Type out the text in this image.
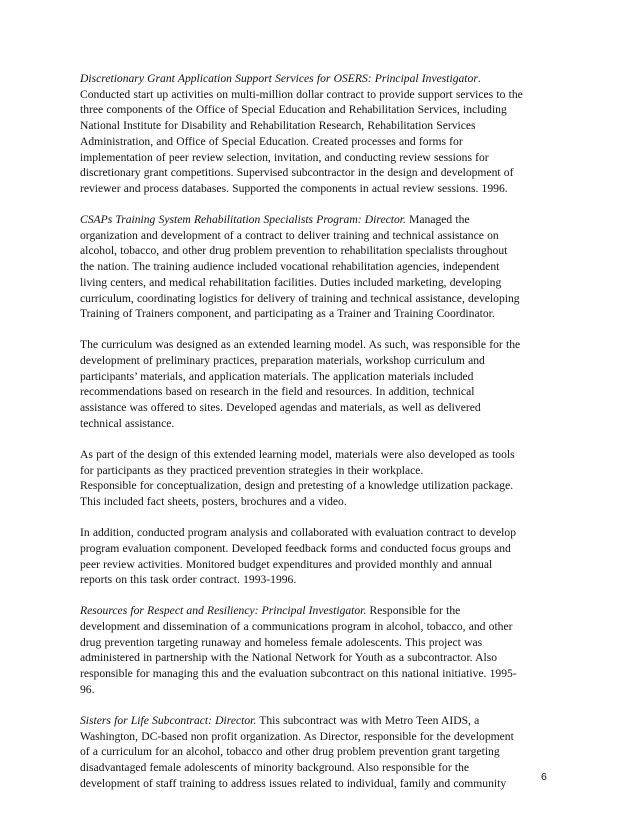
Discretionary Grant Application Support Services for OSERS: Principal Investigator.
Conducted start up activities on multi-million dollar contract to provide support services to the
three components of the Office of Special Education and Rehabilitation Services, including
National Institute for Disability and Rehabilitation Research, Rehabilitation Services
Administration, and Office of Special Education. Created processes and forms for
implementation of peer review selection, invitation, and conducting review sessions for
discretionary grant competitions. Supervised subcontractor in the design and development of
reviewer and process databases. Supported the components in actual review sessions. 1996.
CSAPs Training System Rehabilitation Specialists Program: Director. Managed the
organization and development of a contract to deliver training and technical assistance on
alcohol, tobacco, and other drug problem prevention to rehabilitation specialists throughout
the nation. The training audience included vocational rehabilitation agencies, independent
living centers, and medical rehabilitation facilities. Duties included marketing, developing
curriculum, coordinating logistics for delivery of training and technical assistance, developing
Training of Trainers component, and participating as a Trainer and Training Coordinator.
The curriculum was designed as an extended learning model. As such, was responsible for the
development of preliminary practices, preparation materials, workshop curriculum and
participants’ materials, and application materials. The application materials included
recommendations based on research in the field and resources. In addition, technical
assistance was offered to sites. Developed agendas and materials, as well as delivered
technical assistance.
As part of the design of this extended learning model, materials were also developed as tools
for participants as they practiced prevention strategies in their workplace.
Responsible for conceptualization, design and pretesting of a knowledge utilization package.
This included fact sheets, posters, brochures and a video.
In addition, conducted program analysis and collaborated with evaluation contract to develop
program evaluation component. Developed feedback forms and conducted focus groups and
peer review activities. Monitored budget expenditures and provided monthly and annual
reports on this task order contract. 1993-1996.
Resources for Respect and Resiliency: Principal Investigator. Responsible for the
development and dissemination of a communications program in alcohol, tobacco, and other
drug prevention targeting runaway and homeless female adolescents. This project was
administered in partnership with the National Network for Youth as a subcontractor. Also
responsible for managing this and the evaluation subcontract on this national initiative. 1995-
96.
Sisters for Life Subcontract: Director. This subcontract was with Metro Teen AIDS, a
Washington, DC-based non profit organization. As Director, responsible for the development
of a curriculum for an alcohol, tobacco and other drug problem prevention grant targeting
disadvantaged female adolescents of minority background. Also responsible for the
development of staff training to address issues related to individual, family and community	6
